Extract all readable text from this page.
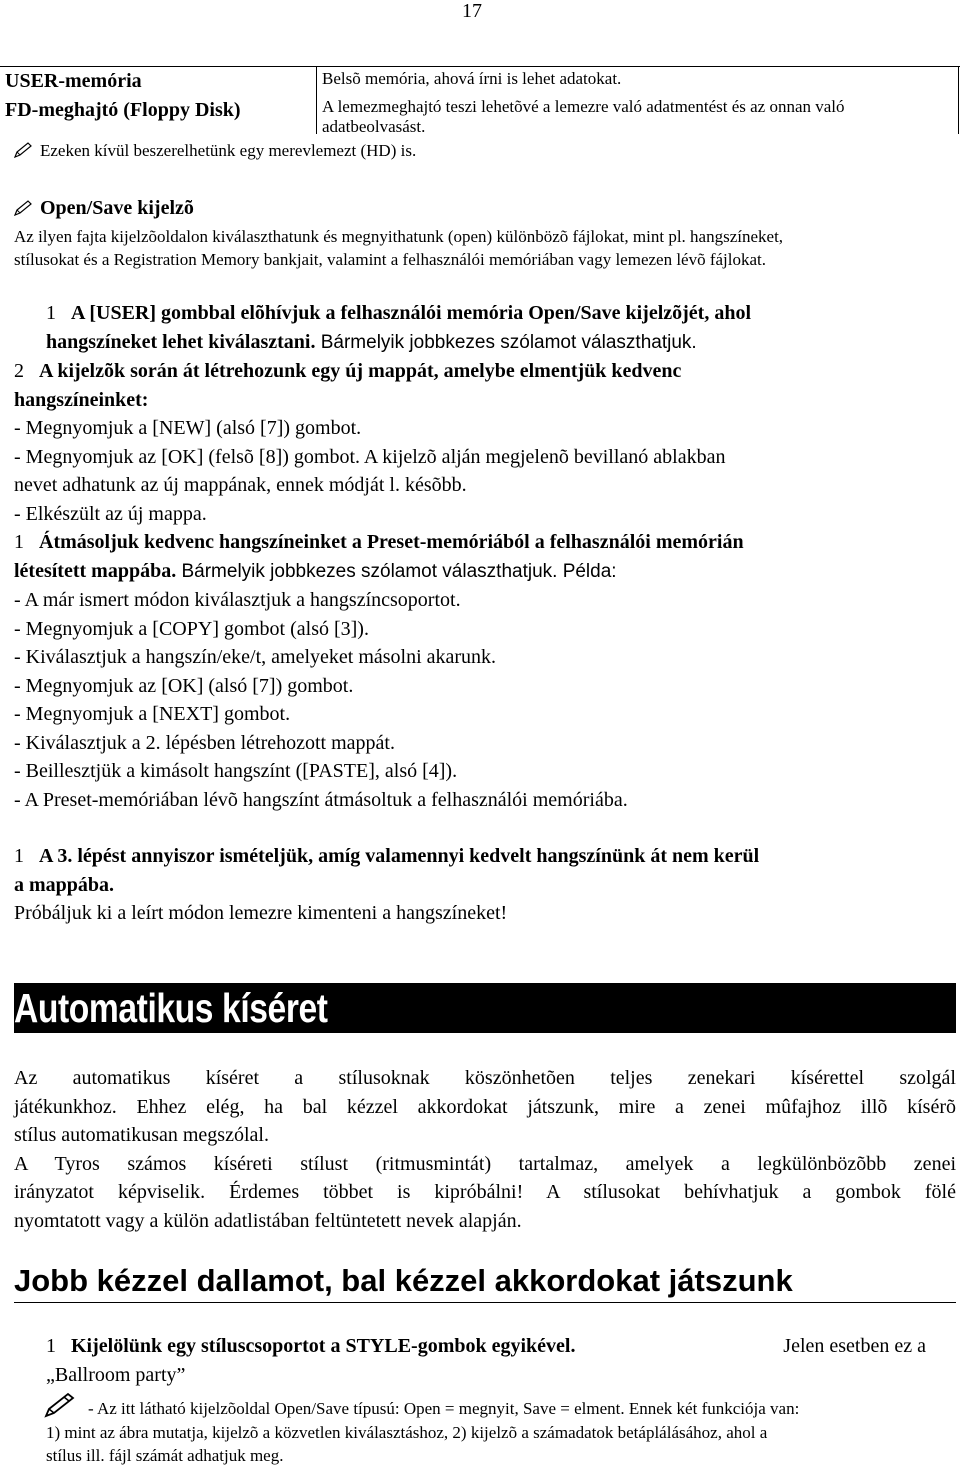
17
USER-memória	Belsõ memória, ahová írni is lehet adatokat.
FD-meghajtó (Floppy Disk)	A lemezmeghajtó teszi lehetõvé a lemezre való adatmentést és az onnan való
adatbeolvasást.
Ezeken kívül beszerelhetünk egy merevlemezt (HD) is.
Open/Save kijelzõ
Az ilyen fajta kijelzõoldalon kiválaszthatunk és megnyithatunk (open) különbözõ fájlokat, mint pl. hangszíneket,
stílusokat és a Registration Memory bankjait, valamint a felhasználói memóriában vagy lemezen lévõ fájlokat.
1 A [USER] gombbal elõhívjuk a felhasználói memória Open/Save kijelzõjét, ahol
hangszíneket lehet kiválasztani. Bármelyik jobbkezes szólamot választhatjuk.
2 A kijelzõk során át létrehozunk egy új mappát, amelybe elmentjük kedvenc
hangszíneinket:
- Megnyomjuk a [NEW] (alsó [7]) gombot.
- Megnyomjuk az [OK] (felsõ [8]) gombot. A kijelzõ alján megjelenõ bevillanó ablakban
nevet adhatunk az új mappának, ennek módját l. késõbb.
- Elkészült az új mappa.
1 Átmásoljuk kedvenc hangszíneinket a Preset-memóriából a felhasználói memórián
létesített mappába. Bármelyik jobbkezes szólamot választhatjuk. Példa:
- A már ismert módon kiválasztjuk a hangszíncsoportot.
- Megnyomjuk a [COPY] gombot (alsó [3]).
- Kiválasztjuk a hangszín/eke/t, amelyeket másolni akarunk.
- Megnyomjuk az [OK] (alsó [7]) gombot.
- Megnyomjuk a [NEXT] gombot.
- Kiválasztjuk a 2. lépésben létrehozott mappát.
- Beillesztjük a kimásolt hangszínt ([PASTE], alsó [4]).
- A Preset-memóriában lévõ hangszínt átmásoltuk a felhasználói memóriába.
1 A 3. lépést annyiszor ismételjük, amíg valamennyi kedvelt hangszínünk át nem kerül
a mappába.
Próbáljuk ki a leírt módon lemezre kimenteni a hangszíneket!
Automatikus kíséret
Az automatikus kíséret a stílusoknak köszönhetõen teljes zenekari kísérettel szolgál
játékunkhoz. Ehhez elég, ha bal kézzel akkordokat játszunk, mire a zenei mûfajhoz illõ kísérõ
stílus automatikusan megszólal.
A Tyros számos kíséreti stílust (ritmusmintát) tartalmaz, amelyek a legkülönbözõbb zenei
irányzatot képviselik. Érdemes többet is kipróbálni! A stílusokat behívhatjuk a gombok fölé
nyomtatott vagy a külön adatlistában feltüntetett nevek alapján.
Jobb kézzel dallamot, bal kézzel akkordokat játszunk
1 Kijelölünk egy stíluscsoportot a STYLE-gombok egyikével.	Jelen esetben ez a
„Ballroom party”
- Az itt látható kijelzõoldal Open/Save típusú: Open = megnyit, Save = elment. Ennek két funkciója van:
1) mint az ábra mutatja, kijelzõ a közvetlen kiválasztáshoz, 2) kijelzõ a számadatok betáplálásához, ahol a
stílus ill. fájl számát adhatjuk meg.
